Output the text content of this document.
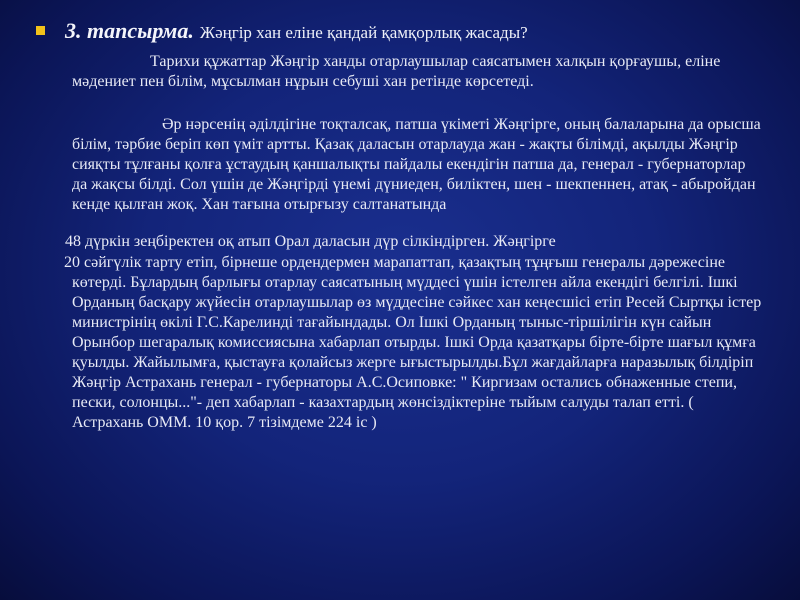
3. тапсырма. Жәңгір хан еліне қандай қамқорлық жасады?

Тарихи құжаттар Жәңгір ханды отарлаушылар саясатымен халқын қорғаушы, еліне мәдениет пен білім, мұсылман нұрын себуші хан ретінде көрсетеді.

Әр нәрсенің әділдігіне тоқталсақ, патша үкіметі Жәңгірге, оның балаларына да орысша білім, тәрбие беріп көп үміт артты. Қазақ даласын отарлауда жан - жақты білімді, ақылды Жәңгір сияқты тұлғаны қолға ұстаудың қаншалықты пайдалы екендігін патша да, генерал - губернаторлар да жақсы білді. Сол үшін де Жәңгірді үнемі дүниеден, биліктен, шен - шекпеннен, атақ - абыройдан кенде қылған жоқ. Хан тағына отырғызу салтанатында

48 дүркін зеңбіректен оқ атып Орал даласын дүр сілкіндірген. Жәңгірге

20 сәйгүлік тарту етіп, бірнеше ордендермен марапаттап, қазақтың тұңғыш генералы дәрежесіне көтерді. Бұлардың барлығы отарлау саясатының мүддесі үшін істелген айла екендігі белгілі. Ішкі Орданың басқару жүйесін отарлаушылар өз мүддесіне сәйкес хан кеңесшісі етіп Ресей Сыртқы істер министрінің өкілі Г.С.Карелинді тағайындады. Ол Ішкі Орданың тыныс-тіршілігін күн сайын Орынбор шегаралық комиссиясына хабарлап отырды. Ішкі Орда қазатқары бірте-бірте шағыл құмға қуылды. Жайылымға, қыстауға қолайсыз жерге ығыстырылды.Бұл жағдайларға наразылық білдіріп Жәңгір Астрахань генерал - губернаторы А.С.Осиповке: " Киргизам остались обнаженные степи, пески, солонцы..."- деп хабарлап - казахтардың жөнсіздіктеріне тыйым салуды талап етті. ( Астрахань ОММ. 10 қор. 7 тізімдеме 224 іс )
